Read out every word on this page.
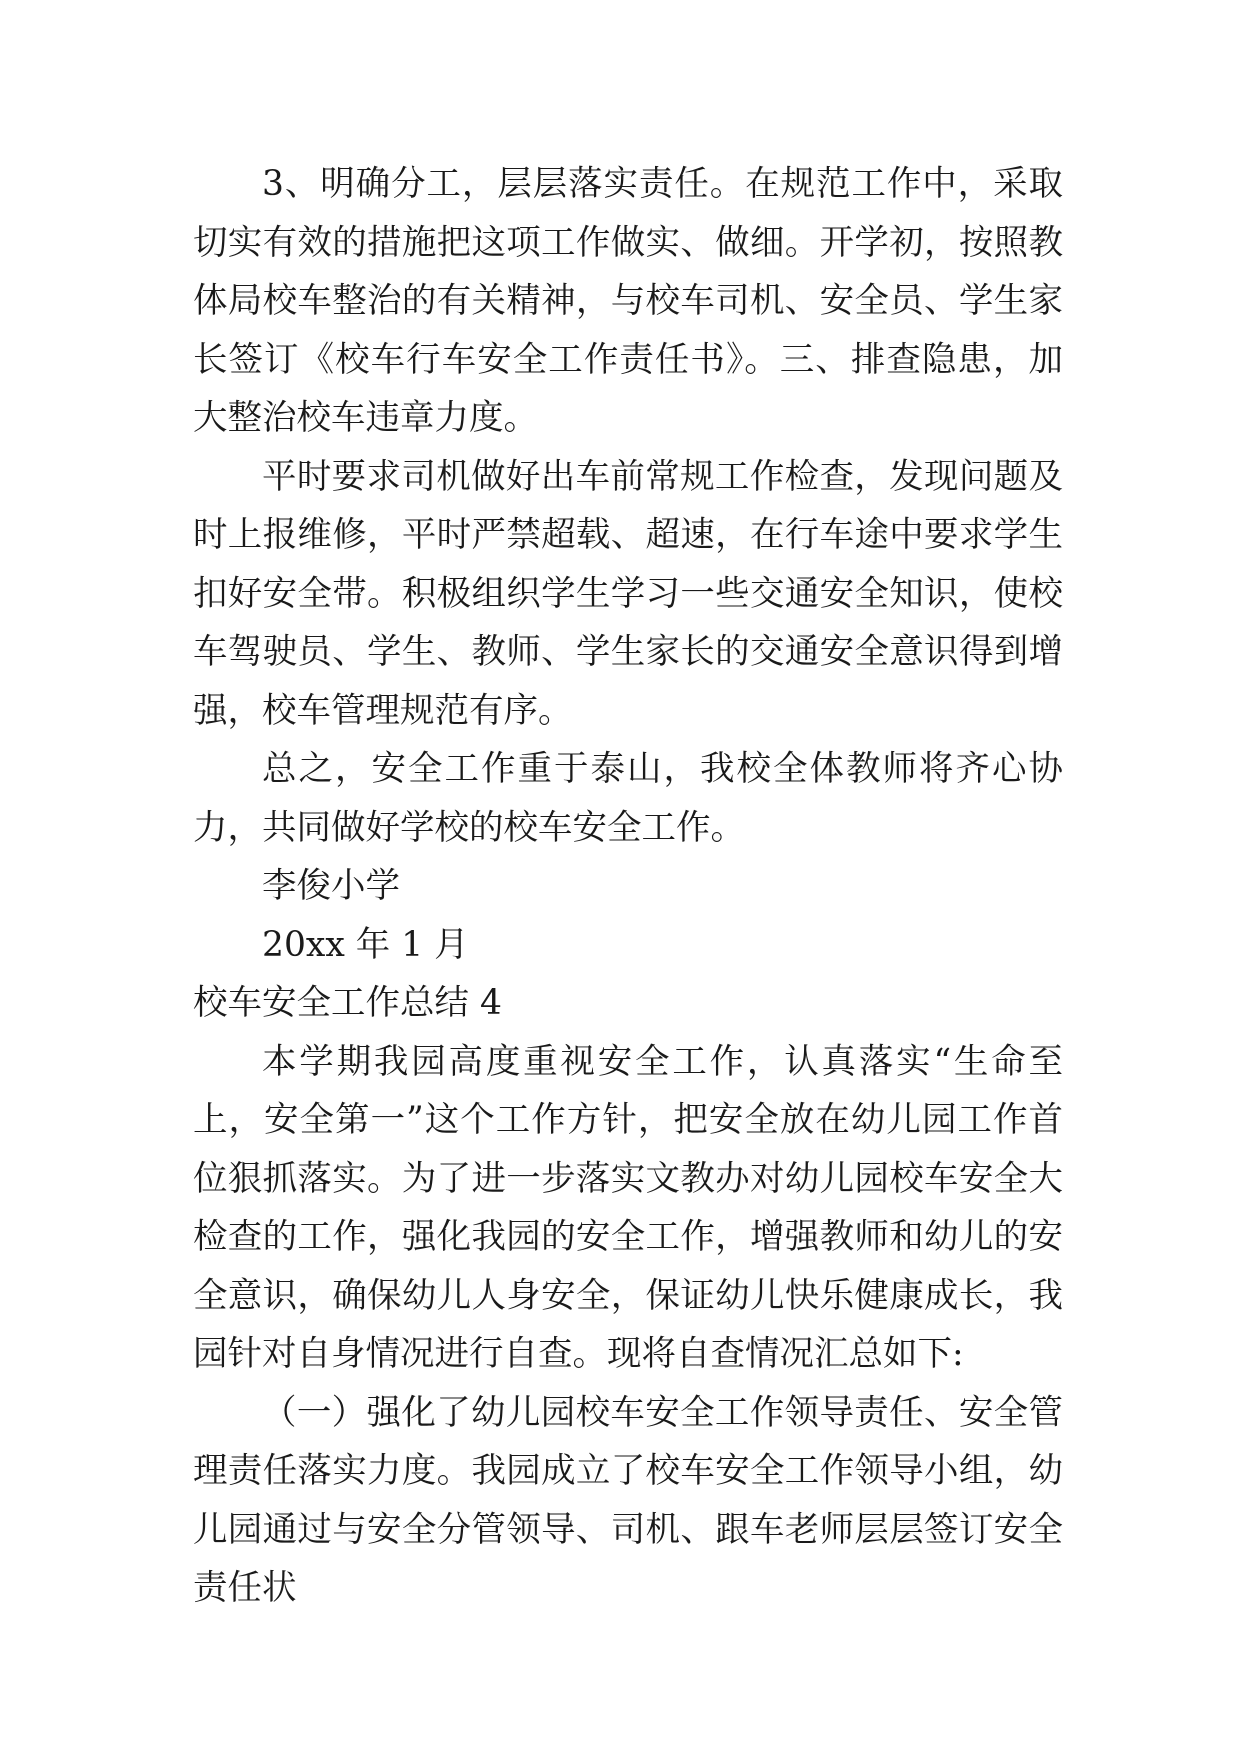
3、明确分工，层层落实责任。在规范工作中，采取切实有效的措施把这项工作做实、做细。开学初，按照教体局校车整治的有关精神，与校车司机、安全员、学生家长签订《校车行车安全工作责任书》。三、排查隐患，加大整治校车违章力度。

平时要求司机做好出车前常规工作检查，发现问题及时上报维修，平时严禁超载、超速，在行车途中要求学生扣好安全带。积极组织学生学习一些交通安全知识，使校车驾驶员、学生、教师、学生家长的交通安全意识得到增强，校车管理规范有序。

总之，安全工作重于泰山，我校全体教师将齐心协力，共同做好学校的校车安全工作。

李俊小学

20xx 年 1 月

校车安全工作总结 4

本学期我园高度重视安全工作，认真落实“生命至上，安全第一”这个工作方针，把安全放在幼儿园工作首位狠抓落实。为了进一步落实文教办对幼儿园校车安全大检查的工作，强化我园的安全工作，增强教师和幼儿的安全意识，确保幼儿人身安全，保证幼儿快乐健康成长，我园针对自身情况进行自查。现将自查情况汇总如下:

（一）强化了幼儿园校车安全工作领导责任、安全管理责任落实力度。我园成立了校车安全工作领导小组，幼儿园通过与安全分管领导、司机、跟车老师层层签订安全责任状
